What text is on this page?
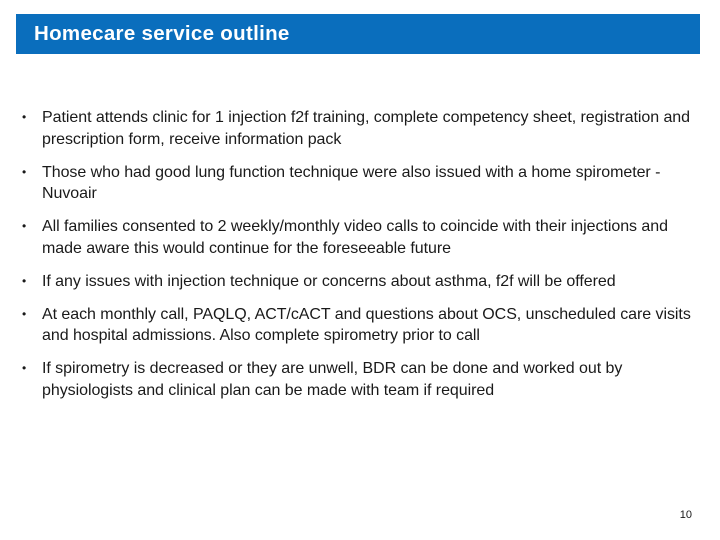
Homecare service outline
• Patient attends clinic for 1 injection f2f training, complete competency sheet, registration and prescription form, receive information pack
• Those who had good lung function technique were also issued with a home spirometer - Nuvoair
• All families consented to 2 weekly/monthly video calls to coincide with their injections and made aware this would continue for the foreseeable future
• If any issues with injection technique or concerns about asthma, f2f will be offered
• At each monthly call, PAQLQ, ACT/cACT and questions about OCS, unscheduled care visits and hospital admissions. Also complete spirometry prior to call
• If spirometry is decreased or they are unwell, BDR can be done and worked out by physiologists and clinical plan can be made with team if required
10
